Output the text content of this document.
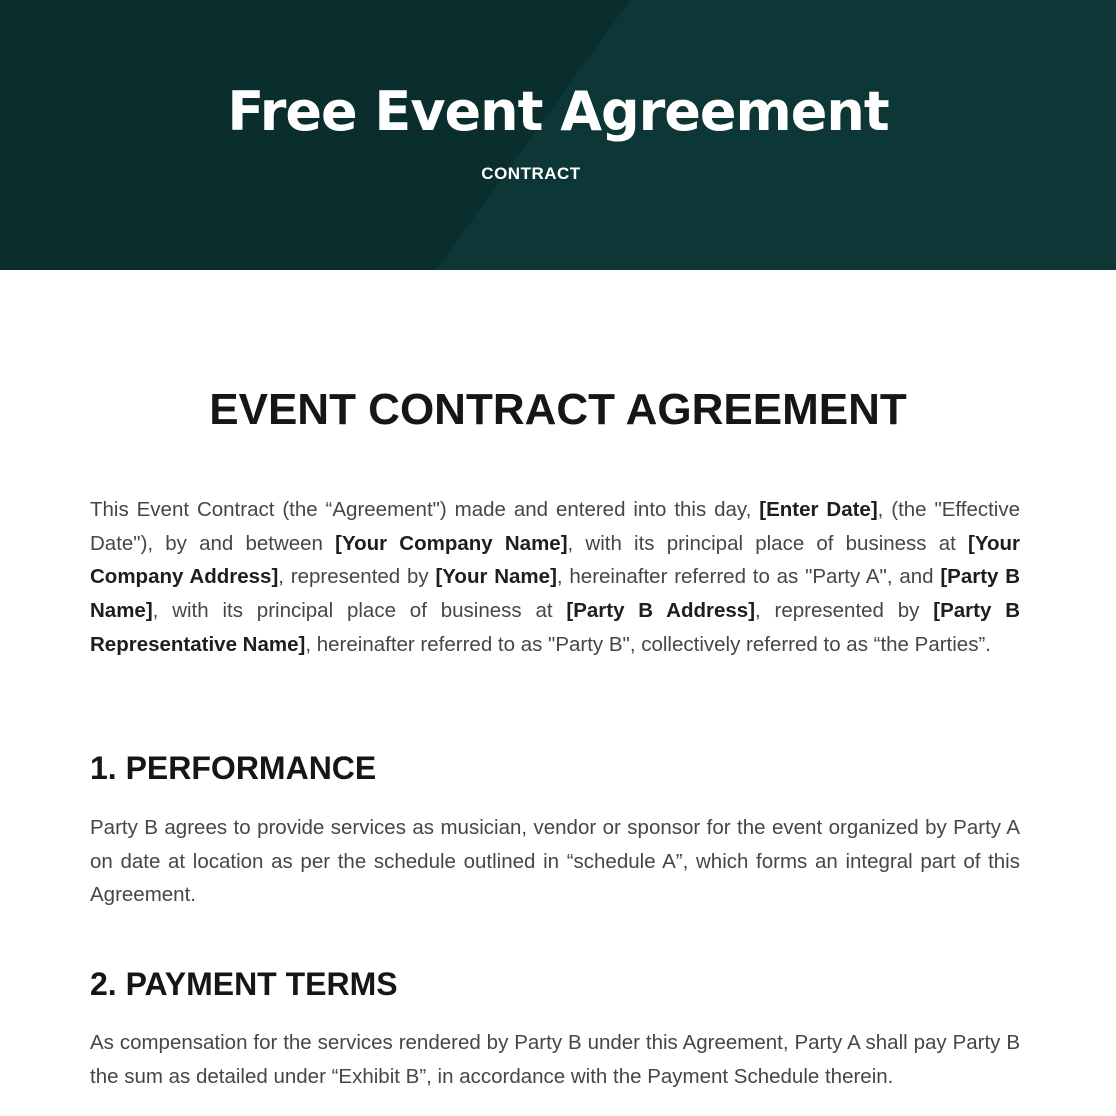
Free Event Agreement
CONTRACT
EVENT CONTRACT AGREEMENT

This Event Contract (the “Agreement") made and entered into this day, [Enter Date], (the "Effective Date"), by and between [Your Company Name], with its principal place of business at [Your Company Address], represented by [Your Name], hereinafter referred to as "Party A", and [Party B Name], with its principal place of business at [Party B Address], represented by [Party B Representative Name], hereinafter referred to as "Party B", collectively referred to as “the Parties”.

1. PERFORMANCE

Party B agrees to provide services as musician, vendor or sponsor for the event organized by Party A on date at location as per the schedule outlined in “schedule A”, which forms an integral part of this Agreement.

2. PAYMENT TERMS

As compensation for the services rendered by Party B under this Agreement, Party A shall pay Party B the sum as detailed under “Exhibit B”, in accordance with the Payment Schedule therein.
